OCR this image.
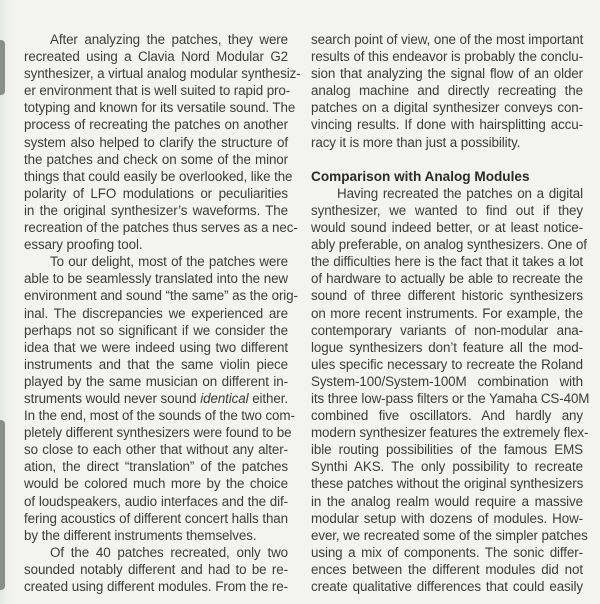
After analyzing the patches, they were
recreated using a Clavia Nord Modular G2
synthesizer, a virtual analog modular synthesiz-
er environment that is well suited to rapid pro-
totyping and known for its versatile sound. The
process of recreating the patches on another
system also helped to clarify the structure of
the patches and check on some of the minor
things that could easily be overlooked, like the
polarity of LFO modulations or peculiarities
in the original synthesizer’s waveforms. The
recreation of the patches thus serves as a nec-
essary proofing tool.
To our delight, most of the patches were
able to be seamlessly translated into the new
environment and sound “the same” as the orig-
inal. The discrepancies we experienced are
perhaps not so significant if we consider the
idea that we were indeed using two different
instruments and that the same violin piece
played by the same musician on different in-
struments would never sound identical either.
In the end, most of the sounds of the two com-
pletely different synthesizers were found to be
so close to each other that without any alter-
ation, the direct “translation” of the patches
would be colored much more by the choice
of loudspeakers, audio interfaces and the dif-
fering acoustics of different concert halls than
by the different instruments themselves.
Of the 40 patches recreated, only two
sounded notably different and had to be re-
created using different modules. From the re-
search point of view, one of the most important
results of this endeavor is probably the conclu-
sion that analyzing the signal flow of an older
analog machine and directly recreating the
patches on a digital synthesizer conveys con-
vincing results. If done with hairsplitting accu-
racy it is more than just a possibility.
Comparison with Analog Modules
Having recreated the patches on a digital
synthesizer, we wanted to find out if they
would sound indeed better, or at least notice-
ably preferable, on analog synthesizers. One of
the difficulties here is the fact that it takes a lot
of hardware to actually be able to recreate the
sound of three different historic synthesizers
on more recent instruments. For example, the
contemporary variants of non-modular ana-
logue synthesizers don’t feature all the mod-
ules specific necessary to recreate the Roland
System-100/System-100M combination with
its three low-pass filters or the Yamaha CS-40M
combined five oscillators. And hardly any
modern synthesizer features the extremely flex-
ible routing possibilities of the famous EMS
Synthi AKS. The only possibility to recreate
these patches without the original synthesizers
in the analog realm would require a massive
modular setup with dozens of modules. How-
ever, we recreated some of the simpler patches
using a mix of components. The sonic differ-
ences between the different modules did not
create qualitative differences that could easily
